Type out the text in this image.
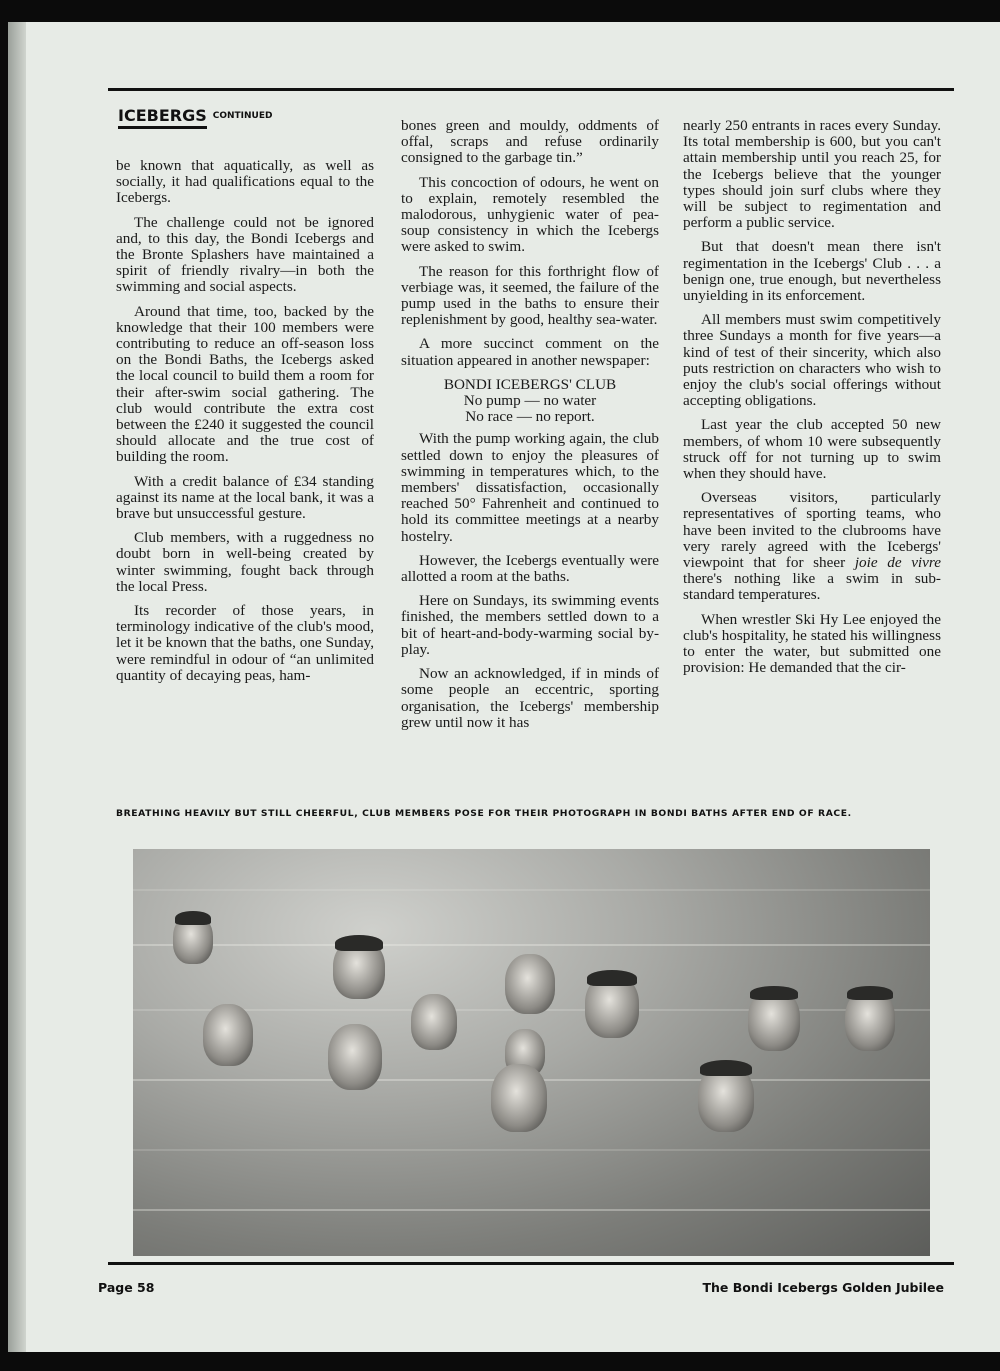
ICEBERGS CONTINUED

be known that aquatically, as well as socially, it had qualifications equal to the Icebergs.

The challenge could not be ignored and, to this day, the Bondi Icebergs and the Bronte Splashers have maintained a spirit of friendly rivalry—in both the swimming and social aspects.

Around that time, too, backed by the knowledge that their 100 members were contributing to reduce an off-season loss on the Bondi Baths, the Icebergs asked the local council to build them a room for their after-swim social gathering. The club would contribute the extra cost between the £240 it suggested the council should allocate and the true cost of building the room.

With a credit balance of £34 standing against its name at the local bank, it was a brave but unsuccessful gesture.

Club members, with a ruggedness no doubt born in well-being created by winter swimming, fought back through the local Press.

Its recorder of those years, in terminology indicative of the club's mood, let it be known that the baths, one Sunday, were remindful in odour of “an unlimited quantity of decaying peas, ham-

bones green and mouldy, oddments of offal, scraps and refuse ordinarily consigned to the garbage tin.”

This concoction of odours, he went on to explain, remotely resembled the malodorous, unhygienic water of pea-soup consistency in which the Icebergs were asked to swim.

The reason for this forthright flow of verbiage was, it seemed, the failure of the pump used in the baths to ensure their replenishment by good, healthy sea-water.

A more succinct comment on the situation appeared in another newspaper:

BONDI ICEBERGS' CLUB
No pump — no water
No race — no report.

With the pump working again, the club settled down to enjoy the pleasures of swimming in temperatures which, to the members' dissatisfaction, occasionally reached 50° Fahrenheit and continued to hold its committee meetings at a nearby hostelry.

However, the Icebergs eventually were allotted a room at the baths.

Here on Sundays, its swimming events finished, the members settled down to a bit of heart-and-body-warming social by-play.

Now an acknowledged, if in minds of some people an eccentric, sporting organisation, the Icebergs' membership grew until now it has

nearly 250 entrants in races every Sunday. Its total membership is 600, but you can't attain membership until you reach 25, for the Icebergs believe that the younger types should join surf clubs where they will be subject to regimentation and perform a public service.

But that doesn't mean there isn't regimentation in the Icebergs' Club . . . a benign one, true enough, but nevertheless unyielding in its enforcement.

All members must swim competitively three Sundays a month for five years—a kind of test of their sincerity, which also puts restriction on characters who wish to enjoy the club's social offerings without accepting obligations.

Last year the club accepted 50 new members, of whom 10 were subsequently struck off for not turning up to swim when they should have.

Overseas visitors, particularly representatives of sporting teams, who have been invited to the clubrooms have very rarely agreed with the Icebergs' viewpoint that for sheer joie de vivre there's nothing like a swim in sub-standard temperatures.

When wrestler Ski Hy Lee enjoyed the club's hospitality, he stated his willingness to enter the water, but submitted one provision: He demanded that the cir-

BREATHING HEAVILY BUT STILL CHEERFUL, CLUB MEMBERS POSE FOR THEIR PHOTOGRAPH IN BONDI BATHS AFTER END OF RACE.
Page 58	The Bondi Icebergs Golden Jubilee
